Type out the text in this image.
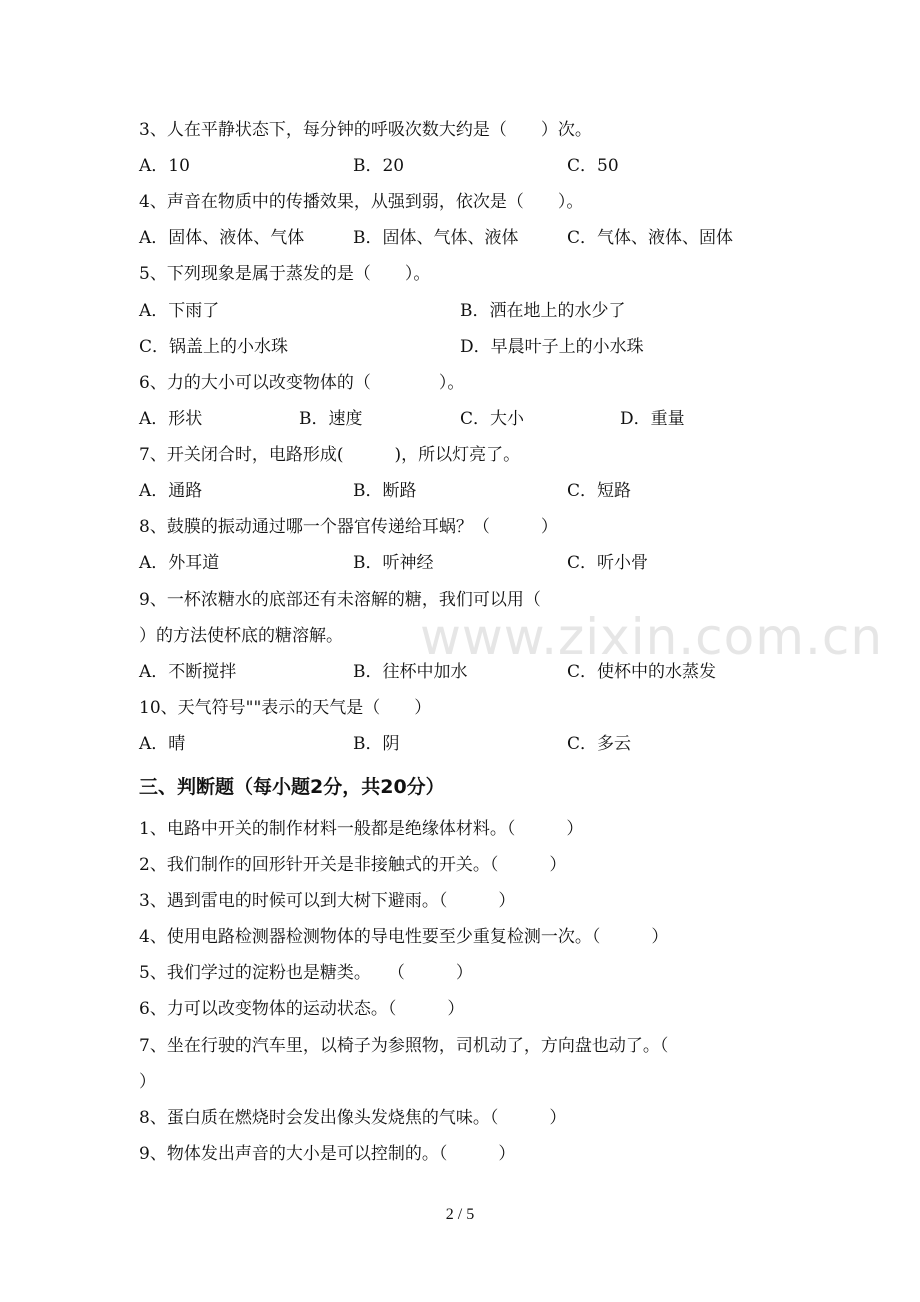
www.zixin.com.cn
3、人在平静状态下，每分钟的呼吸次数大约是（　　）次。
A．10	B．20	C．50
4、声音在物质中的传播效果，从强到弱，依次是（　　）。
A．固体、液体、气体	B．固体、气体、液体	C．气体、液体、固体
5、下列现象是属于蒸发的是（　　）。
A．下雨了	B．洒在地上的水少了
C．锅盖上的小水珠	D．早晨叶子上的小水珠
6、力的大小可以改变物体的（　　　　）。
A．形状	B．速度	C．大小	D．重量
7、开关闭合时，电路形成(　　　)，所以灯亮了。
A．通路	B．断路	C．短路
8、鼓膜的振动通过哪一个器官传递给耳蜗？（　　　）
A．外耳道	B．听神经	C．听小骨
9、一杯浓糖水的底部还有未溶解的糖，我们可以用（
）的方法使杯底的糖溶解。
A．不断搅拌	B．往杯中加水	C．使杯中的水蒸发
10、天气符号""表示的天气是（　　）
A．晴	B．阴	C．多云
三、判断题（每小题2分，共20分）
1、电路中开关的制作材料一般都是绝缘体材料。（　　　）
2、我们制作的回形针开关是非接触式的开关。（　　　）
3、遇到雷电的时候可以到大树下避雨。（　　　）
4、使用电路检测器检测物体的导电性要至少重复检测一次。（　　　）
5、我们学过的淀粉也是糖类。　　（　　　）
6、力可以改变物体的运动状态。（　　　）
7、坐在行驶的汽车里，以椅子为参照物，司机动了，方向盘也动了。（
）
8、蛋白质在燃烧时会发出像头发烧焦的气味。（　　　）
9、物体发出声音的大小是可以控制的。（　　　）
2 / 5
